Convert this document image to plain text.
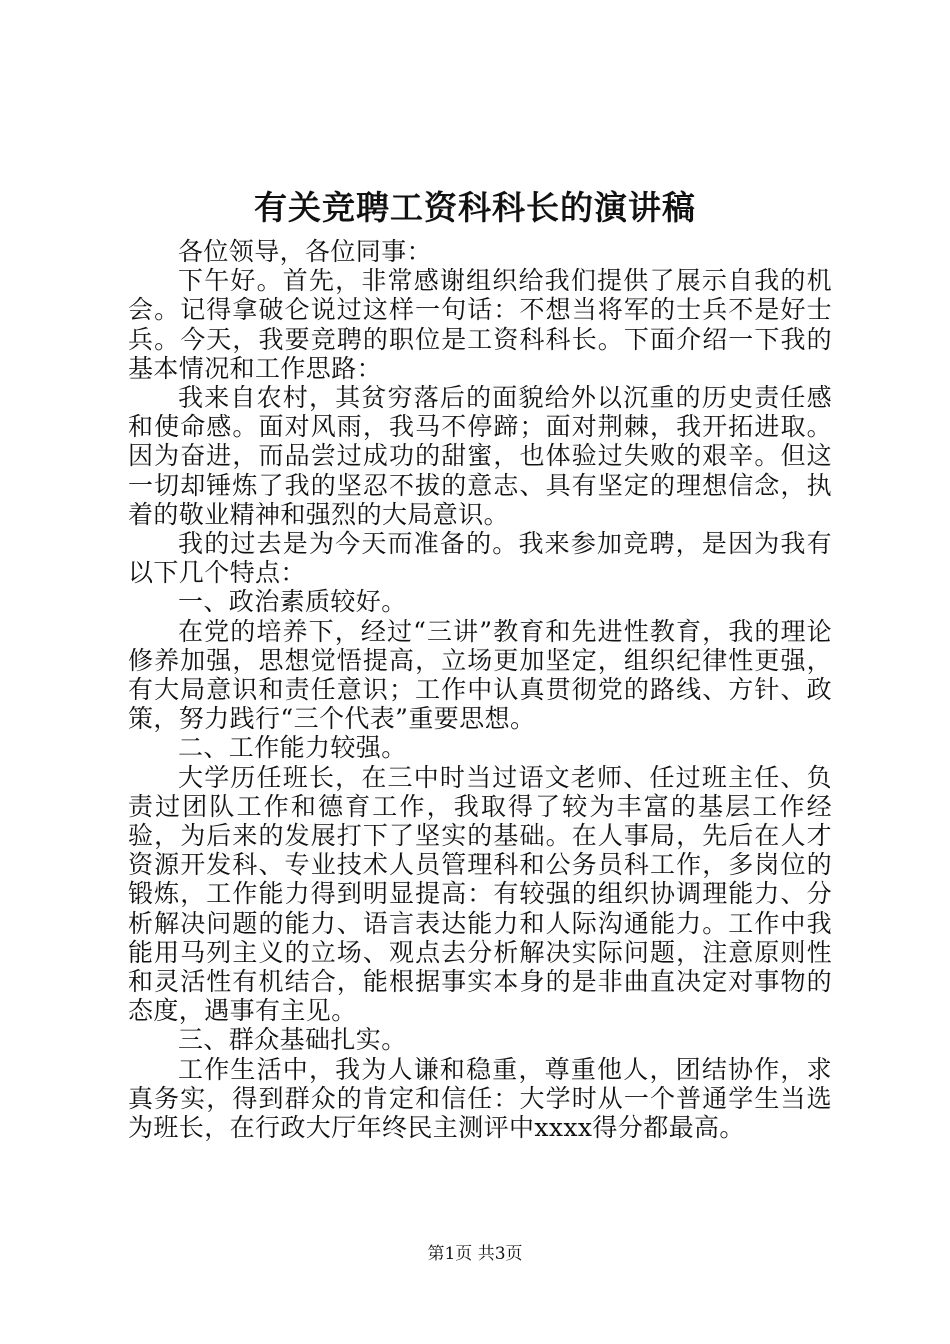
有关竞聘工资科科长的演讲稿

各位领导，各位同事：

下午好。首先，非常感谢组织给我们提供了展示自我的机会。记得拿破仑说过这样一句话：不想当将军的士兵不是好士兵。今天，我要竞聘的职位是工资科科长。下面介绍一下我的基本情况和工作思路：

我来自农村，其贫穷落后的面貌给外以沉重的历史责任感和使命感。面对风雨，我马不停蹄；面对荆棘，我开拓进取。因为奋进，而品尝过成功的甜蜜，也体验过失败的艰辛。但这一切却锤炼了我的坚忍不拔的意志、具有坚定的理想信念，执着的敬业精神和强烈的大局意识。

我的过去是为今天而准备的。我来参加竞聘，是因为我有以下几个特点：

一、政治素质较好。

在党的培养下，经过“三讲”教育和先进性教育，我的理论修养加强，思想觉悟提高，立场更加坚定，组织纪律性更强，有大局意识和责任意识；工作中认真贯彻党的路线、方针、政策，努力践行“三个代表”重要思想。

二、工作能力较强。

大学历任班长，在三中时当过语文老师、任过班主任、负责过团队工作和德育工作，我取得了较为丰富的基层工作经验，为后来的发展打下了坚实的基础。在人事局，先后在人才资源开发科、专业技术人员管理科和公务员科工作，多岗位的锻炼，工作能力得到明显提高：有较强的组织协调理能力、分析解决问题的能力、语言表达能力和人际沟通能力。工作中我能用马列主义的立场、观点去分析解决实际问题，注意原则性和灵活性有机结合，能根据事实本身的是非曲直决定对事物的态度，遇事有主见。

三、群众基础扎实。

工作生活中，我为人谦和稳重，尊重他人，团结协作，求真务实，得到群众的肯定和信任：大学时从一个普通学生当选为班长，在行政大厅年终民主测评中xxxx得分都最高。

第1页 共3页
